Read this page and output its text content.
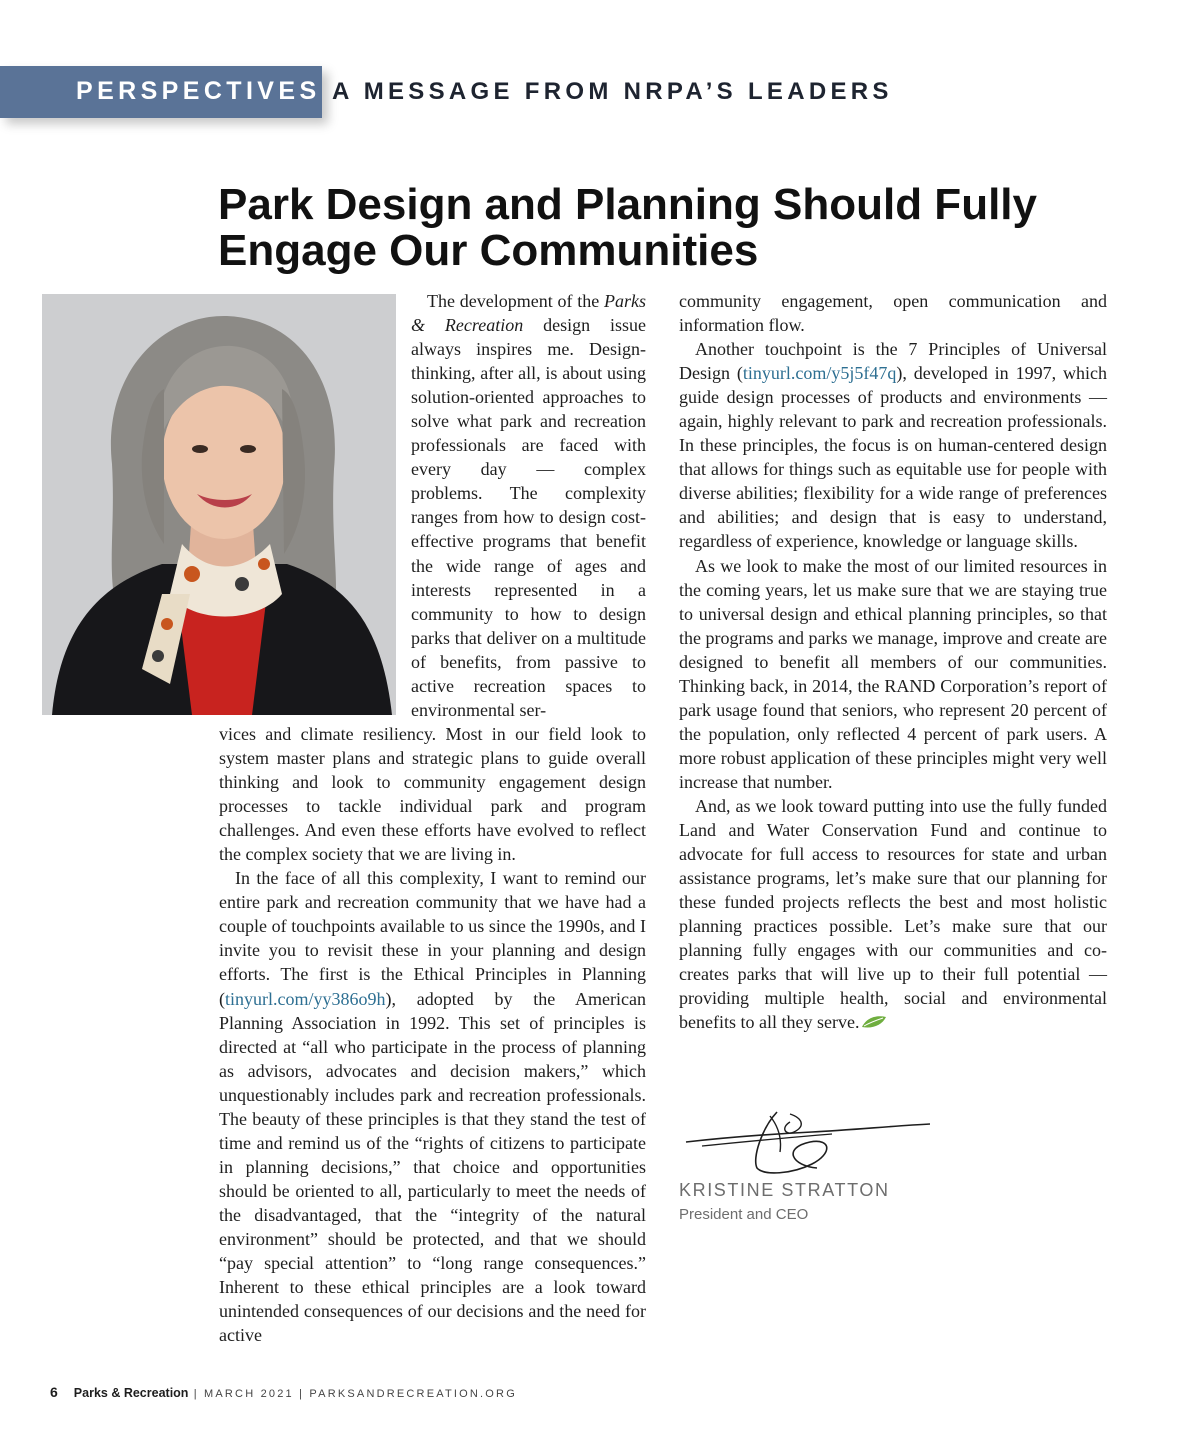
PERSPECTIVES A MESSAGE FROM NRPA’S LEADERS
Park Design and Planning Should Fully
Engage Our Communities

The development of the Parks & Recreation design issue always inspires me. Design-thinking, after all, is about using solution-oriented approaches to solve what park and recreation professionals are faced with every day — complex problems. The complexity ranges from how to design cost-effective programs that benefit the wide range of ages and interests represented in a community to how to design parks that deliver on a multitude of benefits, from passive to active recreation spaces to environmental ser-

vices and climate resiliency. Most in our field look to system master plans and strategic plans to guide overall thinking and look to community engagement design processes to tackle individual park and program challenges. And even these efforts have evolved to reflect the complex society that we are living in.

In the face of all this complexity, I want to remind our entire park and recreation community that we have had a couple of touchpoints available to us since the 1990s, and I invite you to revisit these in your planning and design efforts. The first is the Ethical Principles in Planning (tinyurl.com/yy386o9h), adopted by the American Planning Association in 1992. This set of principles is directed at “all who participate in the process of planning as advisors, advocates and decision makers,” which unquestionably includes park and recreation professionals. The beauty of these principles is that they stand the test of time and remind us of the “rights of citizens to participate in planning decisions,” that choice and opportunities should be oriented to all, particularly to meet the needs of the disadvantaged, that the “integrity of the natural environment” should be protected, and that we should “pay special attention” to “long range consequences.” Inherent to these ethical principles are a look toward unintended consequences of our decisions and the need for active

community engagement, open communication and information flow.

Another touchpoint is the 7 Principles of Universal Design (tinyurl.com/y5j5f47q), developed in 1997, which guide design processes of products and environments — again, highly relevant to park and recreation professionals. In these principles, the focus is on human-centered design that allows for things such as equitable use for people with diverse abilities; flexibility for a wide range of preferences and abilities; and design that is easy to understand, regardless of experience, knowledge or language skills.

As we look to make the most of our limited resources in the coming years, let us make sure that we are staying true to universal design and ethical planning principles, so that the programs and parks we manage, improve and create are designed to benefit all members of our communities. Thinking back, in 2014, the RAND Corporation’s report of park usage found that seniors, who represent 20 percent of the population, only reflected 4 percent of park users. A more robust application of these principles might very well increase that number.

And, as we look toward putting into use the fully funded Land and Water Conservation Fund and continue to advocate for full access to resources for state and urban assistance programs, let’s make sure that our planning for these funded projects reflects the best and most holistic planning practices possible. Let’s make sure that our planning fully engages with our communities and co-creates parks that will live up to their full potential — providing multiple health, social and environmental benefits to all they serve.

KRISTINE STRATTON
President and CEO
6 Parks & Recreation | MARCH 2021 | PARKSANDRECREATION.ORG
